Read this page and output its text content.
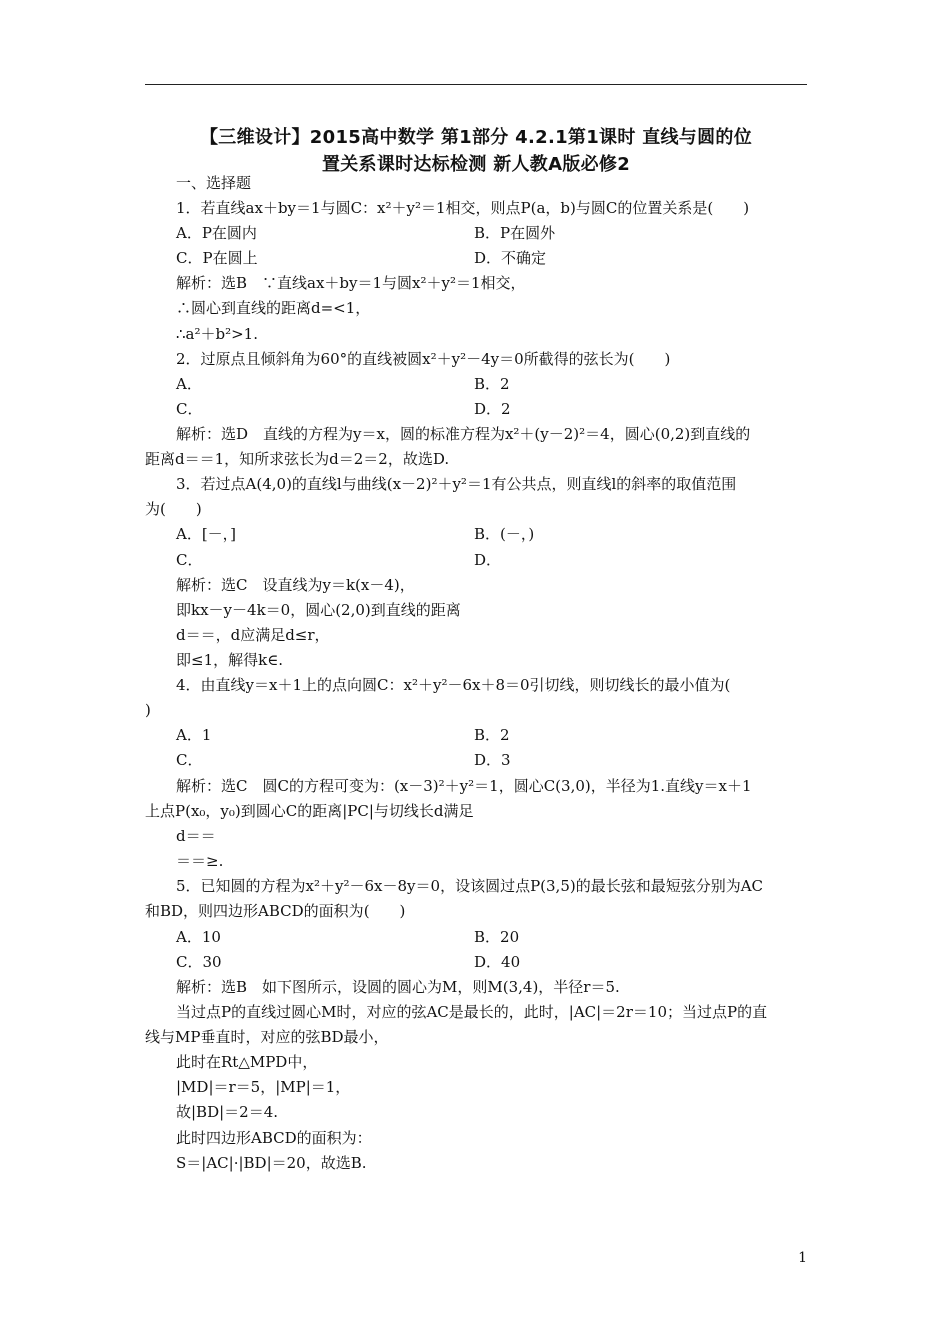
【三维设计】2015高中数学 第1部分 4.2.1第1课时 直线与圆的位
置关系课时达标检测 新人教A版必修2
一、选择题
1．若直线ax＋by＝1与圆C：x²＋y²＝1相交，则点P(a，b)与圆C的位置关系是(　　)
A．P在圆内	B．P在圆外
C．P在圆上	D．不确定
解析：选B　∵直线ax＋by＝1与圆x²＋y²＝1相交，
∴圆心到直线的距离d=<1，
∴a²＋b²>1.
2．过原点且倾斜角为60°的直线被圆x²＋y²－4y＝0所截得的弦长为(　　)
A．	B．2
C．	D．2
解析：选D　直线的方程为y＝x，圆的标准方程为x²＋(y－2)²＝4，圆心(0,2)到直线的
距离d＝＝1，知所求弦长为d＝2＝2，故选D.
3．若过点A(4,0)的直线l与曲线(x－2)²＋y²＝1有公共点，则直线l的斜率的取值范围
为(　　)
A．[－，]	B．(－，)
C．	D．
解析：选C　设直线为y＝k(x－4)，
即kx－y－4k＝0，圆心(2,0)到直线的距离
d＝＝，d应满足d≤r，
即≤1，解得k∈.
4．由直线y＝x＋1上的点向圆C：x²＋y²－6x＋8＝0引切线，则切线长的最小值为(
)
A．1	B．2
C．	D．3
解析：选C　圆C的方程可变为：(x－3)²＋y²＝1，圆心C(3,0)，半径为1.直线y＝x＋1
上点P(x₀，y₀)到圆心C的距离|PC|与切线长d满足
d＝＝
＝＝≥.
5．已知圆的方程为x²＋y²－6x－8y＝0，设该圆过点P(3,5)的最长弦和最短弦分别为AC
和BD，则四边形ABCD的面积为(　　)
A．10	B．20
C．30	D．40
解析：选B　如下图所示，设圆的圆心为M，则M(3,4)，半径r＝5.
当过点P的直线过圆心M时，对应的弦AC是最长的，此时，|AC|＝2r＝10；当过点P的直
线与MP垂直时，对应的弦BD最小，
此时在Rt△MPD中，
|MD|＝r＝5，|MP|＝1，
故|BD|＝2＝4.
此时四边形ABCD的面积为：
S＝|AC|·|BD|＝20，故选B.
1
